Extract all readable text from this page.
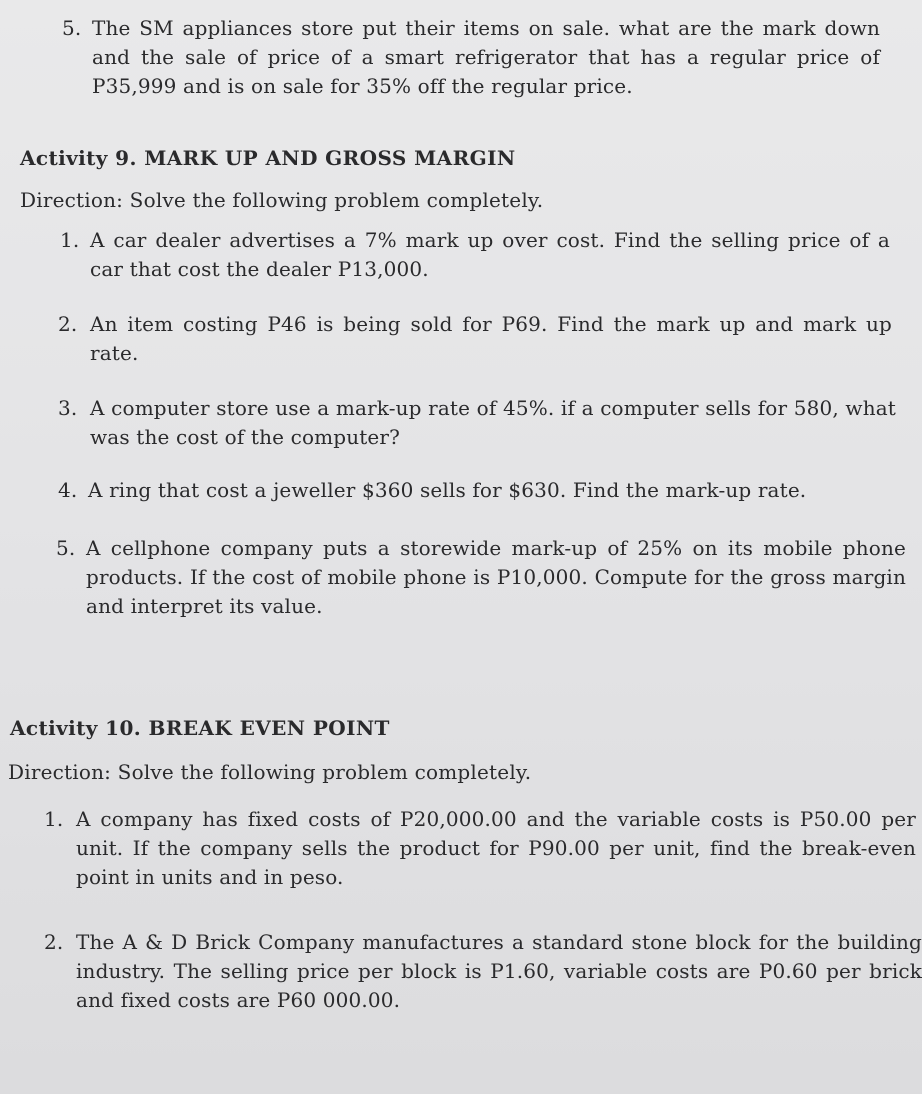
5. The SM appliances store put their items on sale. what are the mark down and the sale of price of a smart refrigerator that has a regular price of P35,999 and is on sale for 35% off the regular price.
Activity 9. MARK UP AND GROSS MARGIN
Direction: Solve the following problem completely.
1. A car dealer advertises a 7% mark up over cost. Find the selling price of a car that cost the dealer P13,000.
2. An item costing P46 is being sold for P69. Find the mark up and mark up rate.
3. A computer store use a mark-up rate of 45%. if a computer sells for 580, what was the cost of the computer?
4. A ring that cost a jeweller $360 sells for $630. Find the mark-up rate.
5. A cellphone company puts a storewide mark-up of 25% on its mobile phone products. If the cost of mobile phone is P10,000. Compute for the gross margin and interpret its value.
Activity 10. BREAK EVEN POINT
Direction: Solve the following problem completely.
1. A company has fixed costs of P20,000.00 and the variable costs is P50.00 per unit. If the company sells the product for P90.00 per unit, find the break-even point in units and in peso.
2. The A & D Brick Company manufactures a standard stone block for the building industry. The selling price per block is P1.60, variable costs are P0.60 per brick and fixed costs are P60 000.00.
